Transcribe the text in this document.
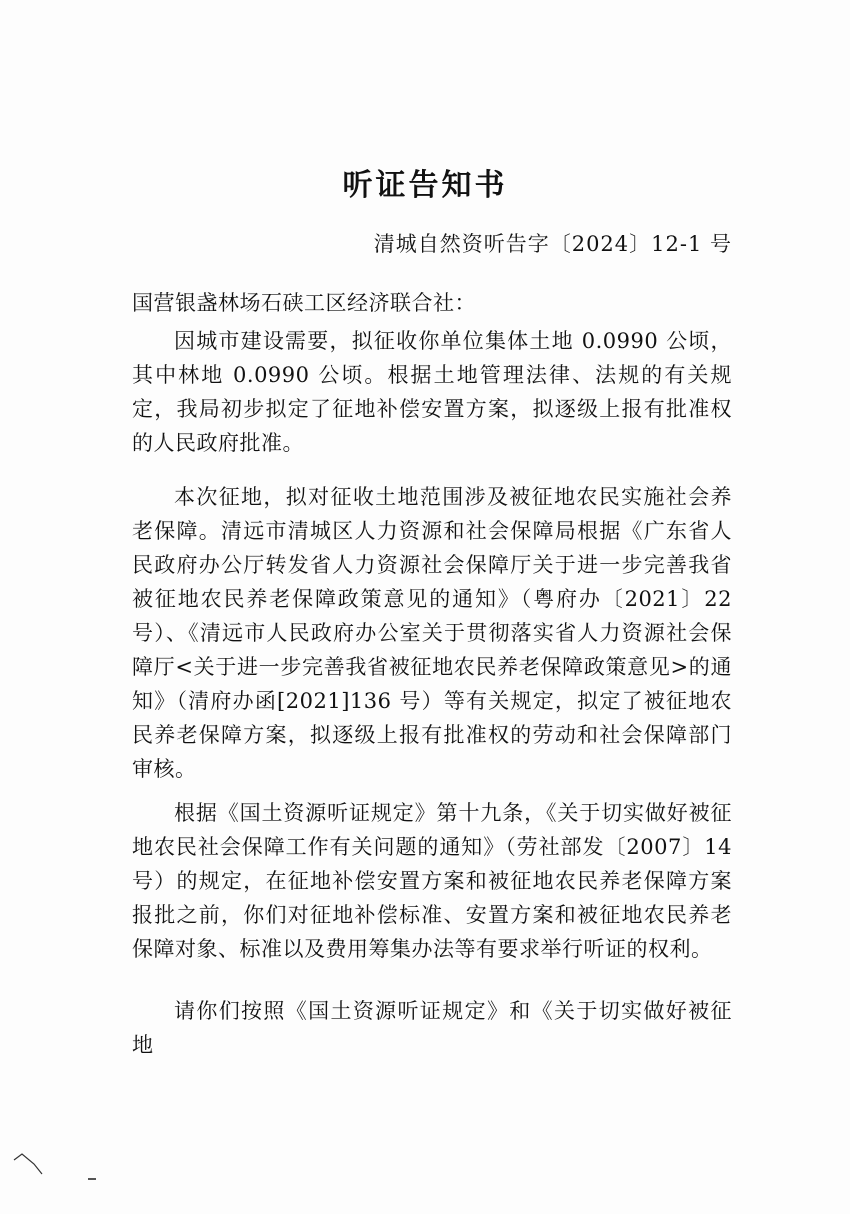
听证告知书
清城自然资听告字〔2024〕12-1 号
国营银盏林场石硖工区经济联合社：

因城市建设需要，拟征收你单位集体土地 0.0990 公顷，其中林地 0.0990 公顷。根据土地管理法律、法规的有关规定，我局初步拟定了征地补偿安置方案，拟逐级上报有批准权的人民政府批准。

本次征地，拟对征收土地范围涉及被征地农民实施社会养老保障。清远市清城区人力资源和社会保障局根据《广东省人民政府办公厅转发省人力资源社会保障厅关于进一步完善我省被征地农民养老保障政策意见的通知》（粤府办〔2021〕22 号）、《清远市人民政府办公室关于贯彻落实省人力资源社会保障厅<关于进一步完善我省被征地农民养老保障政策意见>的通知》（清府办函[2021]136 号）等有关规定，拟定了被征地农民养老保障方案，拟逐级上报有批准权的劳动和社会保障部门审核。

根据《国土资源听证规定》第十九条，《关于切实做好被征地农民社会保障工作有关问题的通知》（劳社部发〔2007〕14 号）的规定，在征地补偿安置方案和被征地农民养老保障方案报批之前，你们对征地补偿标准、安置方案和被征地农民养老保障对象、标准以及费用筹集办法等有要求举行听证的权利。

请你们按照《国土资源听证规定》和《关于切实做好被征地
